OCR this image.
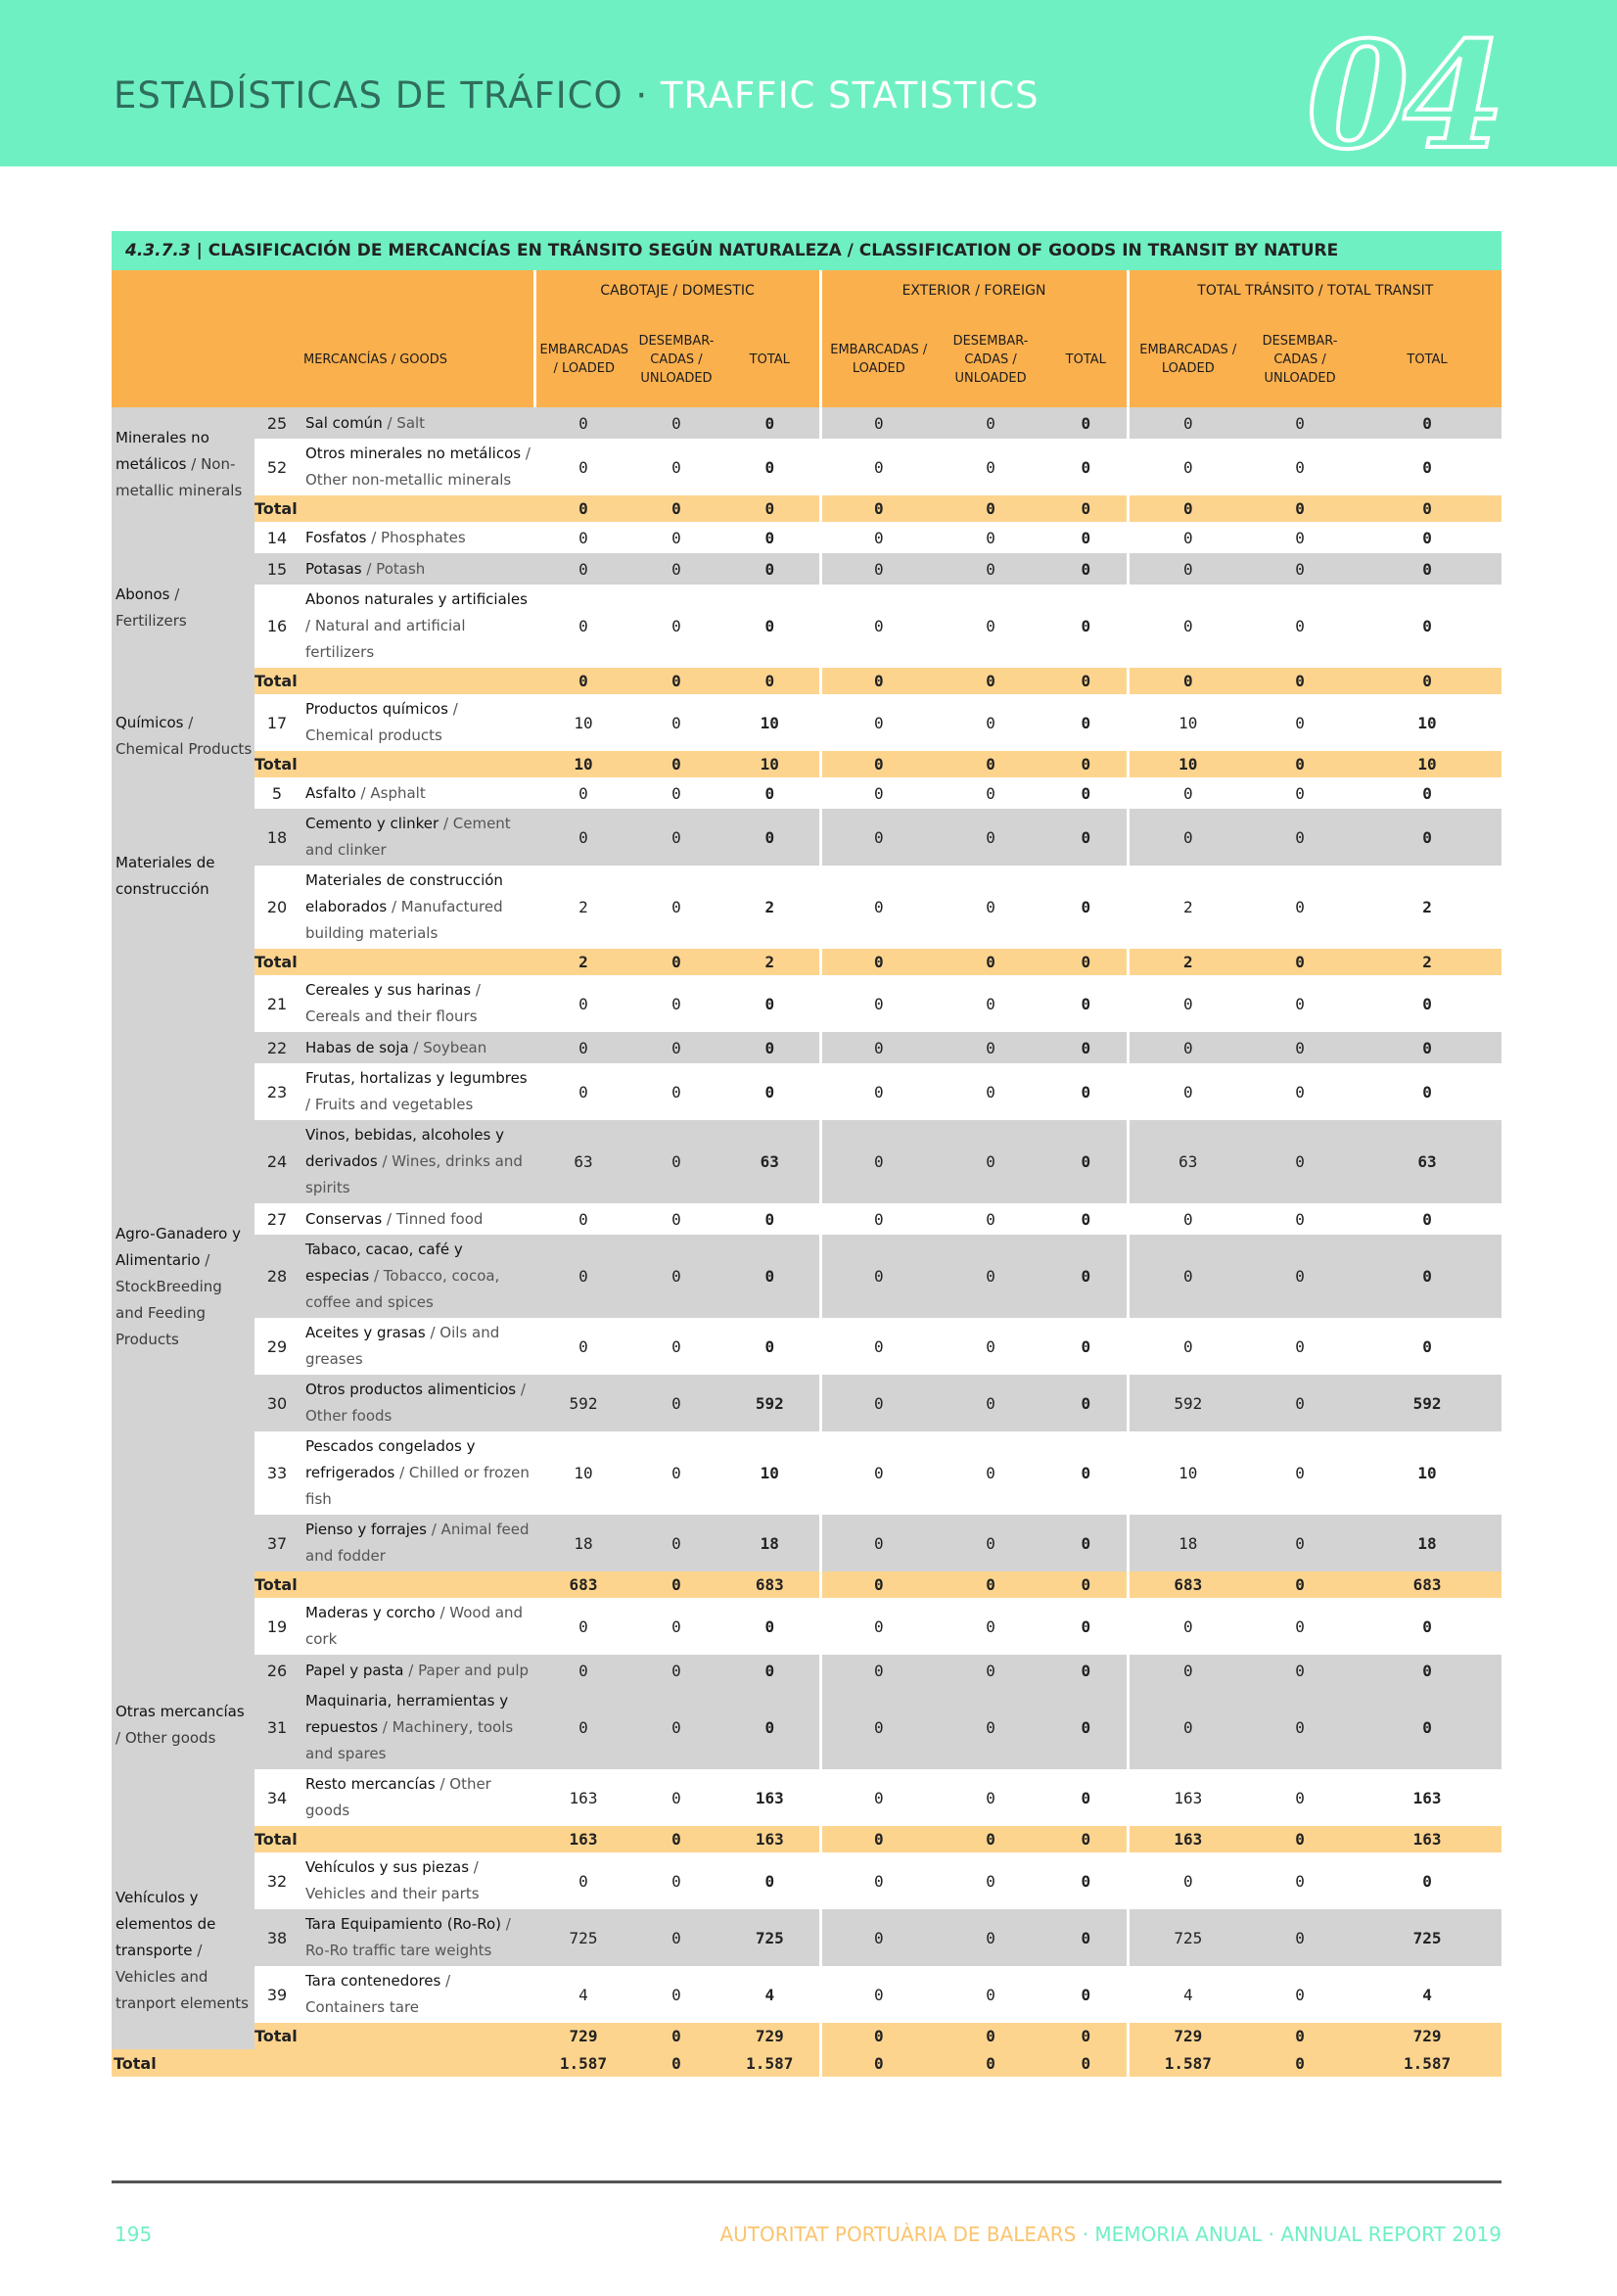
ESTADÍSTICAS DE TRÁFICO · TRAFFIC STATISTICS 04
4.3.7.3 | CLASIFICACIÓN DE MERCANCÍAS EN TRÁNSITO SEGÚN NATURALEZA / CLASSIFICATION OF GOODS IN TRANSIT BY NATURE
			CABOTAJE / DOMESTIC			EXTERIOR / FOREIGN			TOTAL TRÁNSITO / TOTAL TRANSIT		
		MERCANCÍAS / GOODS	EMBARCADAS / LOADED	DESEMBAR-CADAS / UNLOADED	TOTAL	EMBARCADAS / LOADED	DESEMBAR-CADAS / UNLOADED	TOTAL	EMBARCADAS / LOADED	DESEMBAR-CADAS / UNLOADED	TOTAL
Minerales no metálicos / Non-metallic minerals	25	Sal común / Salt	0	0	0	0	0	0	0	0	0
	52	Otros minerales no metálicos / Other non-metallic minerals	0	0	0	0	0	0	0	0	0
	Total		0	0	0	0	0	0	0	0	0
Abonos / Fertilizers	14	Fosfatos / Phosphates	0	0	0	0	0	0	0	0	0
	15	Potasas / Potash	0	0	0	0	0	0	0	0	0
	16	Abonos naturales y artificiales / Natural and artificial fertilizers	0	0	0	0	0	0	0	0	0
	Total		0	0	0	0	0	0	0	0	0
Químicos / Chemical Products	17	Productos químicos / Chemical products	10	0	10	0	0	0	10	0	10
	Total		10	0	10	0	0	0	10	0	10
Materiales de construcción	5	Asfalto / Asphalt	0	0	0	0	0	0	0	0	0
	18	Cemento y clinker / Cement and clinker	0	0	0	0	0	0	0	0	0
	20	Materiales de construcción elaborados / Manufactured building materials	2	0	2	0	0	0	2	0	2
	Total		2	0	2	0	0	0	2	0	2
Agro-Ganadero y Alimentario / StockBreeding and Feeding Products	21	Cereales y sus harinas / Cereals and their flours	0	0	0	0	0	0	0	0	0
	22	Habas de soja / Soybean	0	0	0	0	0	0	0	0	0
	23	Frutas, hortalizas y legumbres / Fruits and vegetables	0	0	0	0	0	0	0	0	0
	24	Vinos, bebidas, alcoholes y derivados / Wines, drinks and spirits	63	0	63	0	0	0	63	0	63
	27	Conservas / Tinned food	0	0	0	0	0	0	0	0	0
	28	Tabaco, cacao, café y especias / Tobacco, cocoa, coffee and spices	0	0	0	0	0	0	0	0	0
	29	Aceites y grasas / Oils and greases	0	0	0	0	0	0	0	0	0
	30	Otros productos alimenticios / Other foods	592	0	592	0	0	0	592	0	592
	33	Pescados congelados y refrigerados / Chilled or frozen fish	10	0	10	0	0	0	10	0	10
	37	Pienso y forrajes / Animal feed and fodder	18	0	18	0	0	0	18	0	18
	Total		683	0	683	0	0	0	683	0	683
Otras mercancías / Other goods	19	Maderas y corcho / Wood and cork	0	0	0	0	0	0	0	0	0
	26	Papel y pasta / Paper and pulp	0	0	0	0	0	0	0	0	0
	31	Maquinaria, herramientas y repuestos / Machinery, tools and spares	0	0	0	0	0	0	0	0	0
	34	Resto mercancías / Other goods	163	0	163	0	0	0	163	0	163
	Total		163	0	163	0	0	0	163	0	163
Vehículos y elementos de transporte / Vehicles and tranport elements	32	Vehículos y sus piezas / Vehicles and their parts	0	0	0	0	0	0	0	0	0
	38	Tara Equipamiento (Ro-Ro) / Ro-Ro traffic tare weights	725	0	725	0	0	0	725	0	725
	39	Tara contenedores / Containers tare	4	0	4	0	0	0	4	0	4
	Total		729	0	729	0	0	0	729	0	729
Total			1.587	0	1.587	0	0	0	1.587	0	1.587
195	AUTORITAT PORTUÀRIA DE BALEARS · MEMORIA ANUAL · ANNUAL REPORT 2019
